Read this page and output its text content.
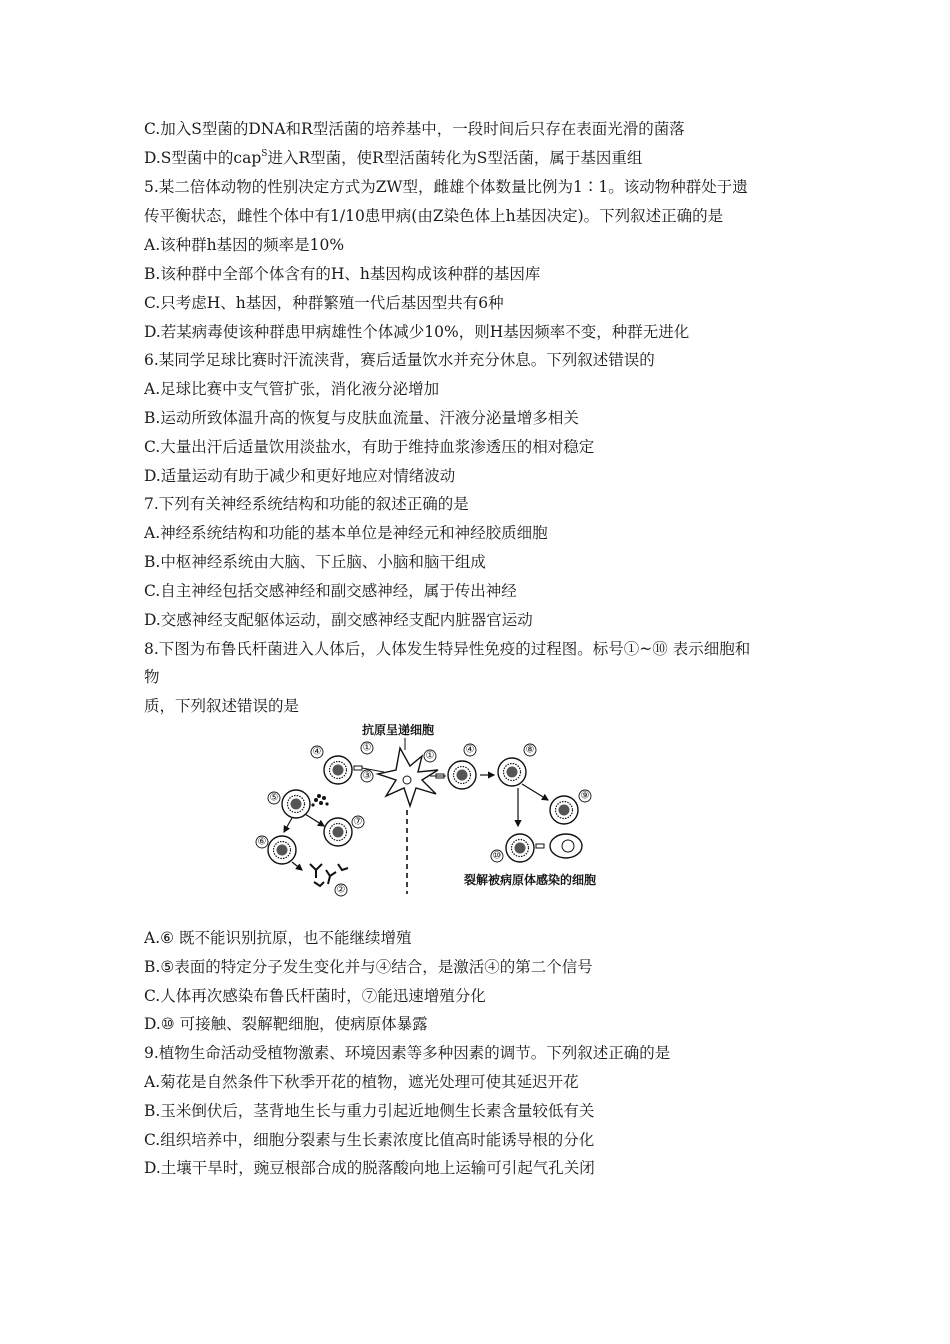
C.加入S型菌的DNA和R型活菌的培养基中，一段时间后只存在表面光滑的菌落
D.S型菌中的cap$^S$进入R型菌，使R型活菌转化为S型活菌，属于基因重组
5.某二倍体动物的性别决定方式为ZW型，雌雄个体数量比例为1∶1。该动物种群处于遗
传平衡状态，雌性个体中有1/10患甲病(由Z染色体上h基因决定)。下列叙述正确的是
A.该种群h基因的频率是10%
B.该种群中全部个体含有的H、h基因构成该种群的基因库
C.只考虑H、h基因，种群繁殖一代后基因型共有6种
D.若某病毒使该种群患甲病雄性个体减少10%，则H基因频率不变，种群无进化
6.某同学足球比赛时汗流浃背，赛后适量饮水并充分休息。下列叙述错误的
A.足球比赛中支气管扩张，消化液分泌增加
B.运动所致体温升高的恢复与皮肤血流量、汗液分泌量增多相关
C.大量出汗后适量饮用淡盐水，有助于维持血浆渗透压的相对稳定
D.适量运动有助于减少和更好地应对情绪波动
7.下列有关神经系统结构和功能的叙述正确的是
A.神经系统结构和功能的基本单位是神经元和神经胶质细胞
B.中枢神经系统由大脑、下丘脑、小脑和脑干组成
C.自主神经包括交感神经和副交感神经，属于传出神经
D.交感神经支配躯体运动，副交感神经支配内脏器官运动
8.下图为布鲁氏杆菌进入人体后，人体发生特异性免疫的过程图。标号①~⑩ 表示细胞和
物
质，下列叙述错误的是
抗原呈递细胞
裂解被病原体感染的细胞
④	①
③
①
④	⑧
⑤
⑦
⑥
②
⑨
⑩
A.⑥ 既不能识别抗原，也不能继续增殖
B.⑤表面的特定分子发生变化并与④结合，是激活④的第二个信号
C.人体再次感染布鲁氏杆菌时，⑦能迅速增殖分化
D.⑩ 可接触、裂解靶细胞，使病原体暴露
9.植物生命活动受植物激素、环境因素等多种因素的调节。下列叙述正确的是
A.菊花是自然条件下秋季开花的植物，遮光处理可使其延迟开花
B.玉米倒伏后，茎背地生长与重力引起近地侧生长素含量较低有关
C.组织培养中，细胞分裂素与生长素浓度比值高时能诱导根的分化
D.土壤干旱时，豌豆根部合成的脱落酸向地上运输可引起气孔关闭
